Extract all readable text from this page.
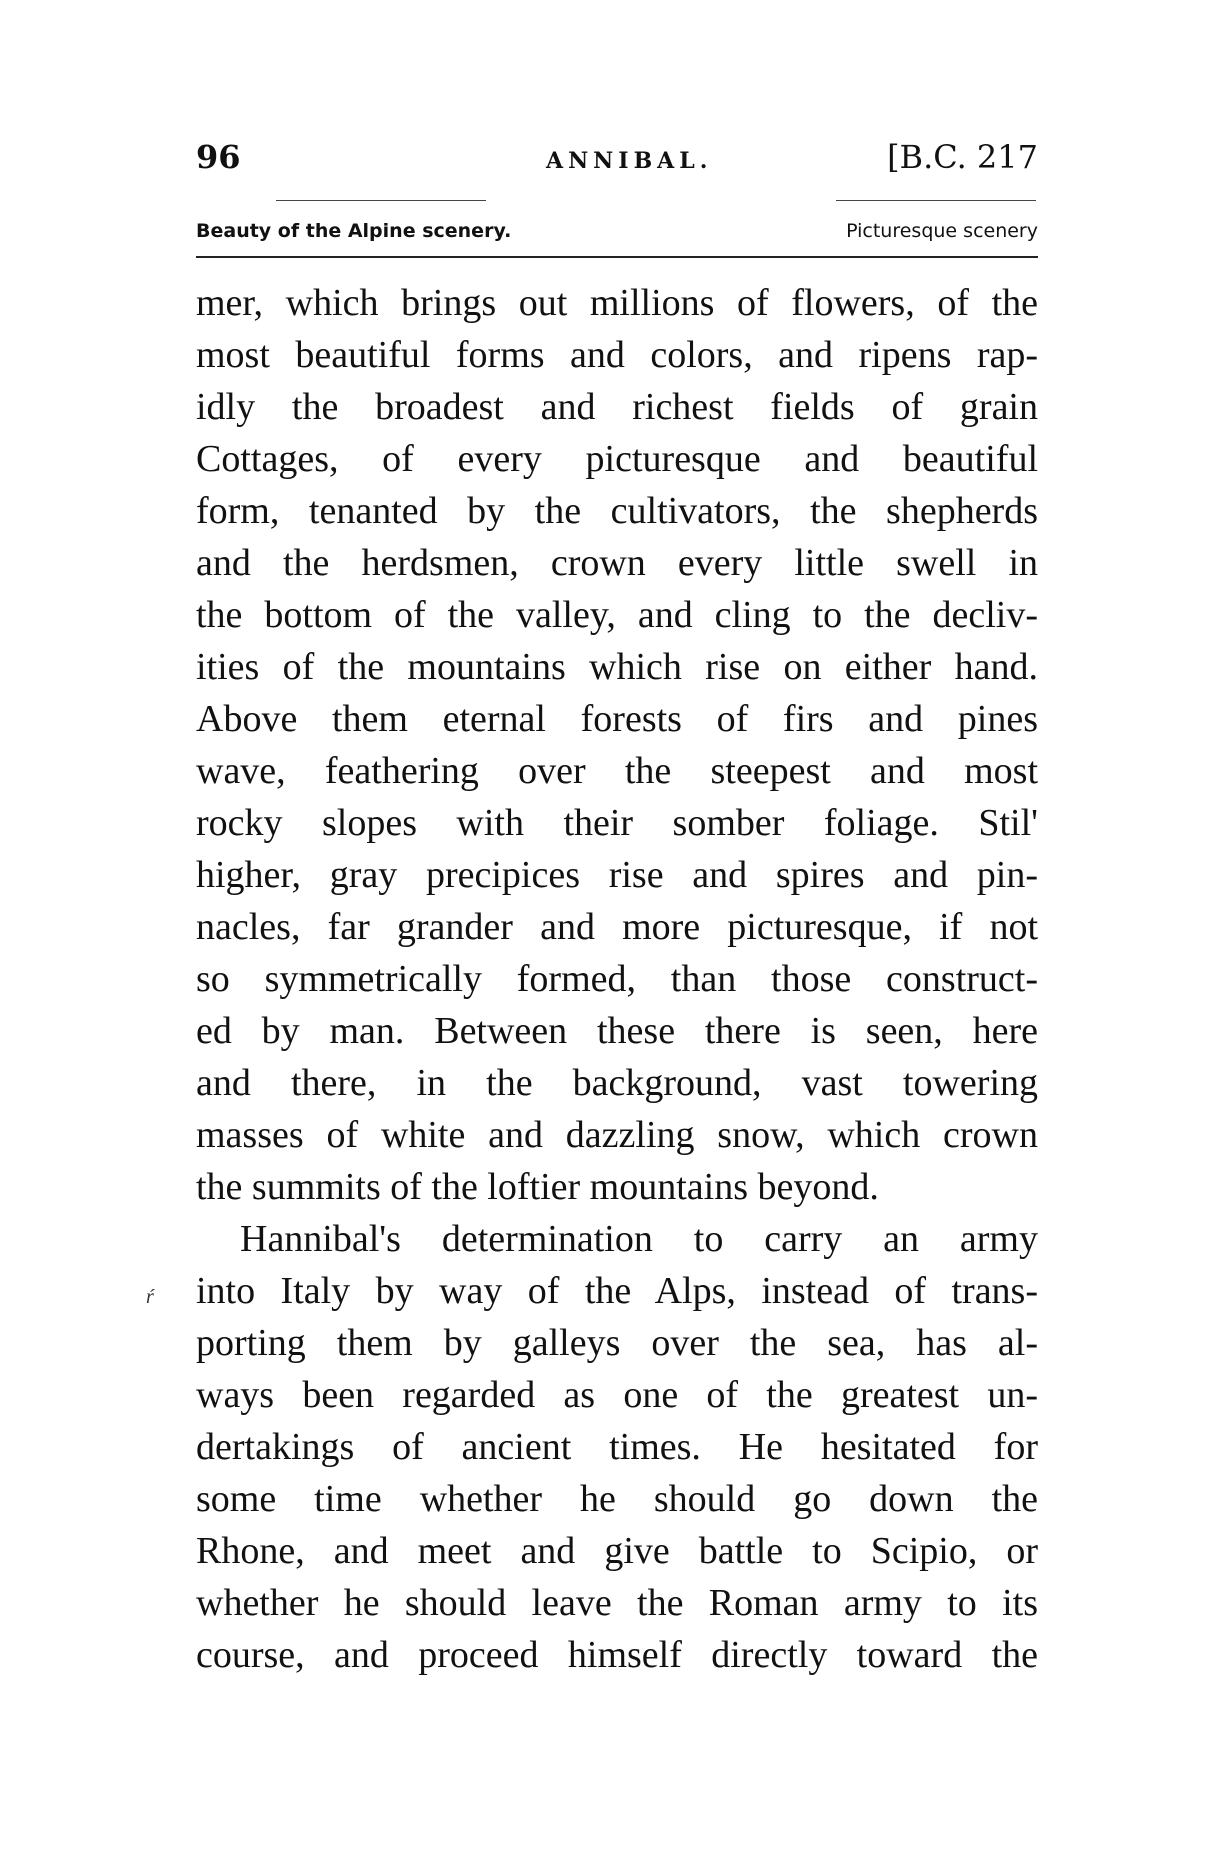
96	ANNIBAL.	[B.C. 217
Beauty of the Alpine scenery.	Picturesque scenery
ŕ
mer, which brings out millions of flowers, of the
most beautiful forms and colors, and ripens rap-
idly the broadest and richest fields of grain
Cottages, of every picturesque and beautiful
form, tenanted by the cultivators, the shepherds
and the herdsmen, crown every little swell in
the bottom of the valley, and cling to the decliv-
ities of the mountains which rise on either hand.
Above them eternal forests of firs and pines
wave, feathering over the steepest and most
rocky slopes with their somber foliage. Stil'
higher, gray precipices rise and spires and pin-
nacles, far grander and more picturesque, if not
so symmetrically formed, than those construct-
ed by man. Between these there is seen, here
and there, in the background, vast towering
masses of white and dazzling snow, which crown
the summits of the loftier mountains beyond.
Hannibal's determination to carry an army
into Italy by way of the Alps, instead of trans-
porting them by galleys over the sea, has al-
ways been regarded as one of the greatest un-
dertakings of ancient times. He hesitated for
some time whether he should go down the
Rhone, and meet and give battle to Scipio, or
whether he should leave the Roman army to its
course, and proceed himself directly toward the
